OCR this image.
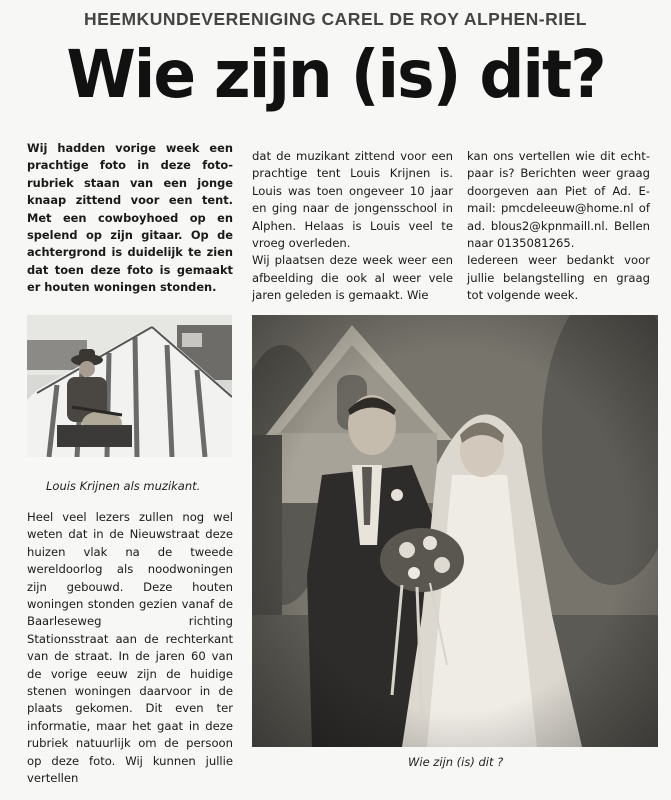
HEEMKUNDEVERENIGING CAREL DE ROY ALPHEN-RIEL
Wie zijn (is) dit?

Wij hadden vorige week een prachtige foto in deze foto-rubriek staan van een jonge knaap zittend voor een tent. Met een cowboyhoed op en spelend op zijn gitaar. Op de achtergrond is duidelijk te zien dat toen deze foto is gemaakt er houten woningen stonden.

dat de muzikant zittend voor een prachtige tent Louis Krijnen is. Louis was toen ongeveer 10 jaar en ging naar de jongensschool in Alphen. Helaas is Louis veel te vroeg overleden.

Wij plaatsen deze week weer een afbeelding die ook al weer vele jaren geleden is gemaakt. Wie

kan ons vertellen wie dit echt-paar is? Berichten weer graag doorgeven aan Piet of Ad. E-mail: pmcdeleeuw@home.nl of ad. blous2@kpnmaill.nl. Bellen naar 0135081265.

Iedereen weer bedankt voor jullie belangstelling en graag tot volgende week.

Louis Krijnen als muzikant.

Heel veel lezers zullen nog wel weten dat in de Nieuwstraat deze huizen vlak na de tweede wereldoorlog als noodwoningen zijn gebouwd. Deze houten woningen stonden gezien vanaf de Baarleseweg richting Stationsstraat aan de rechterkant van de straat. In de jaren 60 van de vorige eeuw zijn de huidige stenen woningen daarvoor in de plaats gekomen. Dit even ter informatie, maar het gaat in deze rubriek natuurlijk om de persoon op deze foto. Wij kunnen jullie vertellen

Wie zijn (is) dit ?
